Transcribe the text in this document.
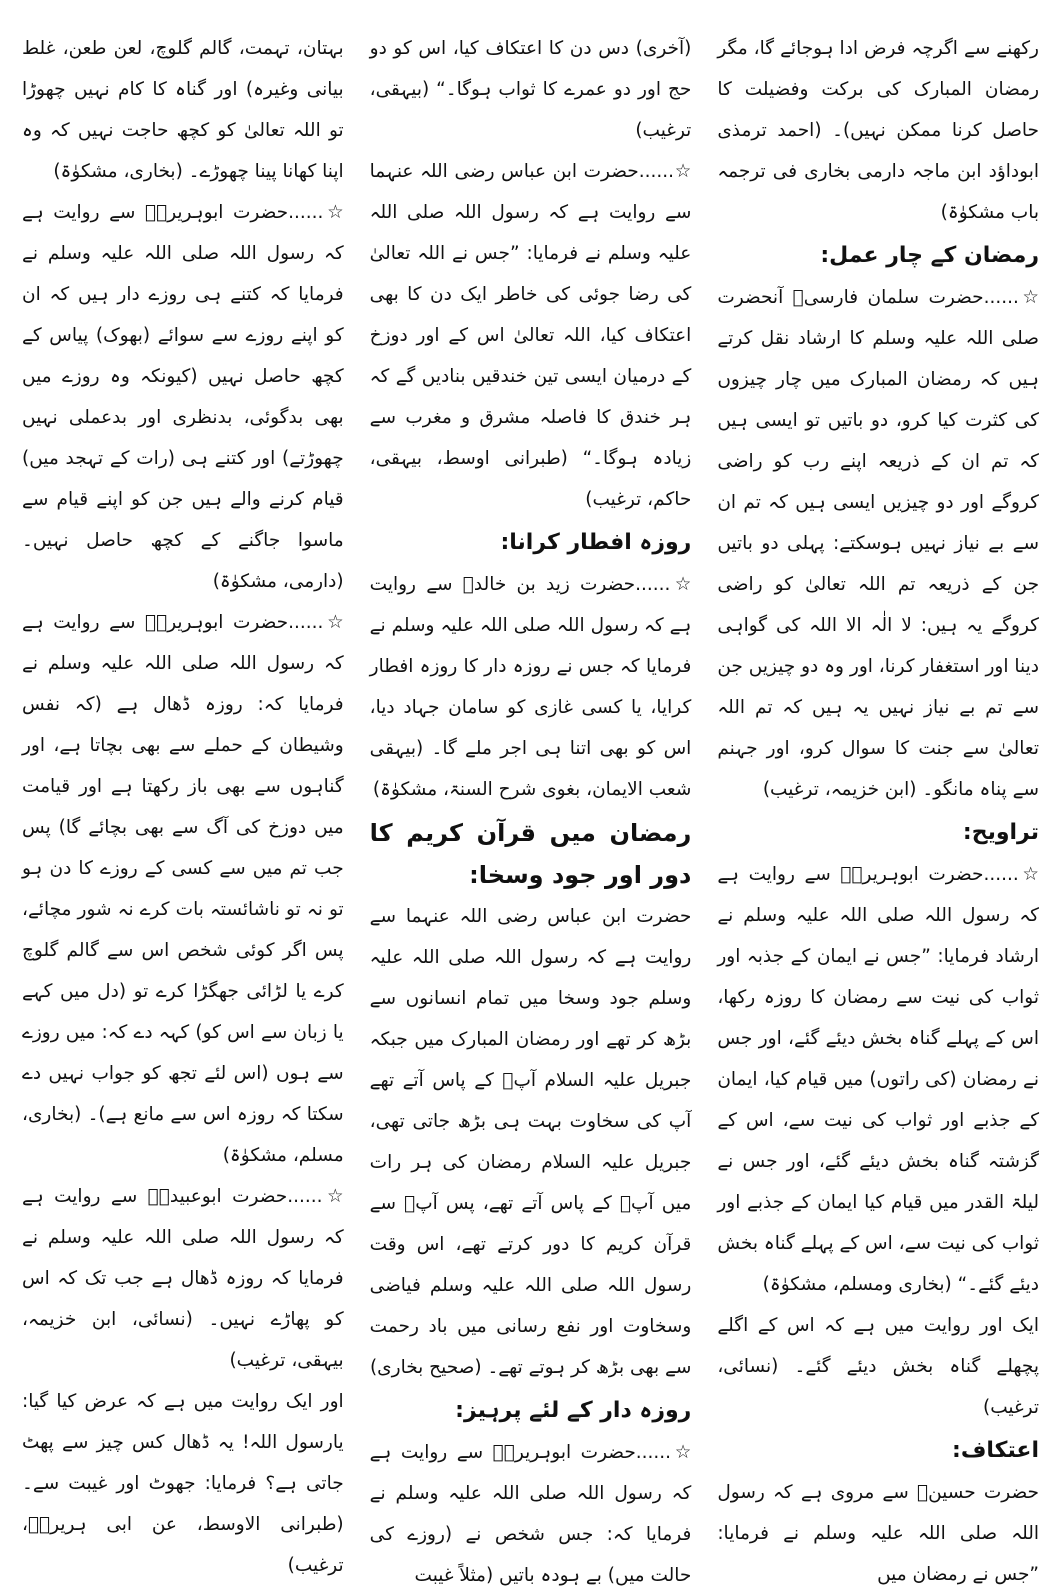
رکھنے سے اگرچہ فرض ادا ہوجائے گا، مگر رمضان المبارک کی برکت وفضیلت کا حاصل کرنا ممکن نہیں)۔ (احمد ترمذی ابوداؤد ابن ماجہ دارمی بخاری فی ترجمہ باب مشکوٰۃ)

رمضان کے چار عمل:

☆......حضرت سلمان فارسیؓ آنحضرت صلی اللہ علیہ وسلم کا ارشاد نقل کرتے ہیں کہ رمضان المبارک میں چار چیزوں کی کثرت کیا کرو، دو باتیں تو ایسی ہیں کہ تم ان کے ذریعہ اپنے رب کو راضی کروگے اور دو چیزیں ایسی ہیں کہ تم ان سے بے نیاز نہیں ہوسکتے: پہلی دو باتیں جن کے ذریعہ تم اللہ تعالیٰ کو راضی کروگے یہ ہیں: لا الٰہ الا اللہ کی گواہی دینا اور استغفار کرنا، اور وہ دو چیزیں جن سے تم بے نیاز نہیں یہ ہیں کہ تم اللہ تعالیٰ سے جنت کا سوال کرو، اور جہنم سے پناہ مانگو۔ (ابن خزیمہ، ترغیب)

تراویح:

☆......حضرت ابوہریرہؓ سے روایت ہے کہ رسول اللہ صلی اللہ علیہ وسلم نے ارشاد فرمایا: ”جس نے ایمان کے جذبہ اور ثواب کی نیت سے رمضان کا روزہ رکھا، اس کے پہلے گناہ بخش دیئے گئے، اور جس نے رمضان (کی راتوں) میں قیام کیا، ایمان کے جذبے اور ثواب کی نیت سے، اس کے گزشتہ گناہ بخش دیئے گئے، اور جس نے لیلۃ القدر میں قیام کیا ایمان کے جذبے اور ثواب کی نیت سے، اس کے پہلے گناہ بخش دیئے گئے۔“ (بخاری ومسلم، مشکوٰۃ)

ایک اور روایت میں ہے کہ اس کے اگلے پچھلے گناہ بخش دیئے گئے۔ (نسائی، ترغیب)

اعتکاف:

حضرت حسینؓ سے مروی ہے کہ رسول اللہ صلی اللہ علیہ وسلم نے فرمایا: ”جس نے رمضان میں

(آخری) دس دن کا اعتکاف کیا، اس کو دو حج اور دو عمرے کا ثواب ہوگا۔“ (بیہقی، ترغیب)

☆......حضرت ابن عباس رضی اللہ عنہما سے روایت ہے کہ رسول اللہ صلی اللہ علیہ وسلم نے فرمایا: ”جس نے اللہ تعالیٰ کی رضا جوئی کی خاطر ایک دن کا بھی اعتکاف کیا، اللہ تعالیٰ اس کے اور دوزخ کے درمیان ایسی تین خندقیں بنادیں گے کہ ہر خندق کا فاصلہ مشرق و مغرب سے زیادہ ہوگا۔“ (طبرانی اوسط، بیہقی، حاکم، ترغیب)

روزہ افطار کرانا:

☆......حضرت زید بن خالدؓ سے روایت ہے کہ رسول اللہ صلی اللہ علیہ وسلم نے فرمایا کہ جس نے روزہ دار کا روزہ افطار کرایا، یا کسی غازی کو سامان جہاد دیا، اس کو بھی اتنا ہی اجر ملے گا۔ (بیہقی شعب الایمان، بغوی شرح السنۃ، مشکوٰۃ)

رمضان میں قرآن کریم کا دور اور جود وسخا:

حضرت ابن عباس رضی اللہ عنہما سے روایت ہے کہ رسول اللہ صلی اللہ علیہ وسلم جود وسخا میں تمام انسانوں سے بڑھ کر تھے اور رمضان المبارک میں جبکہ جبریل علیہ السلام آپؐ کے پاس آتے تھے آپ کی سخاوت بہت ہی بڑھ جاتی تھی، جبریل علیہ السلام رمضان کی ہر رات میں آپؐ کے پاس آتے تھے، پس آپؐ سے قرآن کریم کا دور کرتے تھے، اس وقت رسول اللہ صلی اللہ علیہ وسلم فیاضی وسخاوت اور نفع رسانی میں باد رحمت سے بھی بڑھ کر ہوتے تھے۔ (صحیح بخاری)

روزہ دار کے لئے پرہیز:

☆......حضرت ابوہریرہؓ سے روایت ہے کہ رسول اللہ صلی اللہ علیہ وسلم نے فرمایا کہ: جس شخص نے (روزے کی حالت میں) بے ہودہ باتیں (مثلاً غیبت

بہتان، تہمت، گالم گلوچ، لعن طعن، غلط بیانی وغیرہ) اور گناہ کا کام نہیں چھوڑا تو اللہ تعالیٰ کو کچھ حاجت نہیں کہ وہ اپنا کھانا پینا چھوڑے۔ (بخاری، مشکوٰۃ)

☆......حضرت ابوہریرہؓ سے روایت ہے کہ رسول اللہ صلی اللہ علیہ وسلم نے فرمایا کہ کتنے ہی روزے دار ہیں کہ ان کو اپنے روزے سے سوائے (بھوک) پیاس کے کچھ حاصل نہیں (کیونکہ وہ روزے میں بھی بدگوئی، بدنظری اور بدعملی نہیں چھوڑتے) اور کتنے ہی (رات کے تہجد میں) قیام کرنے والے ہیں جن کو اپنے قیام سے ماسوا جاگنے کے کچھ حاصل نہیں۔ (دارمی، مشکوٰۃ)

☆......حضرت ابوہریرہؓ سے روایت ہے کہ رسول اللہ صلی اللہ علیہ وسلم نے فرمایا کہ: روزہ ڈھال ہے (کہ نفس وشیطان کے حملے سے بھی بچاتا ہے، اور گناہوں سے بھی باز رکھتا ہے اور قیامت میں دوزخ کی آگ سے بھی بچائے گا) پس جب تم میں سے کسی کے روزے کا دن ہو تو نہ تو ناشائستہ بات کرے نہ شور مچائے، پس اگر کوئی شخص اس سے گالم گلوچ کرے یا لڑائی جھگڑا کرے تو (دل میں کہے یا زبان سے اس کو) کہہ دے کہ: میں روزے سے ہوں (اس لئے تجھ کو جواب نہیں دے سکتا کہ روزہ اس سے مانع ہے)۔ (بخاری، مسلم، مشکوٰۃ)

☆......حضرت ابوعبیدہؓ سے روایت ہے کہ رسول اللہ صلی اللہ علیہ وسلم نے فرمایا کہ روزہ ڈھال ہے جب تک کہ اس کو پھاڑے نہیں۔ (نسائی، ابن خزیمہ، بیہقی، ترغیب)

اور ایک روایت میں ہے کہ عرض کیا گیا: یارسول اللہ! یہ ڈھال کس چیز سے پھٹ جاتی ہے؟ فرمایا: جھوٹ اور غیبت سے۔ (طبرانی الاوسط، عن ابی ہریرہؓ، ترغیب)
